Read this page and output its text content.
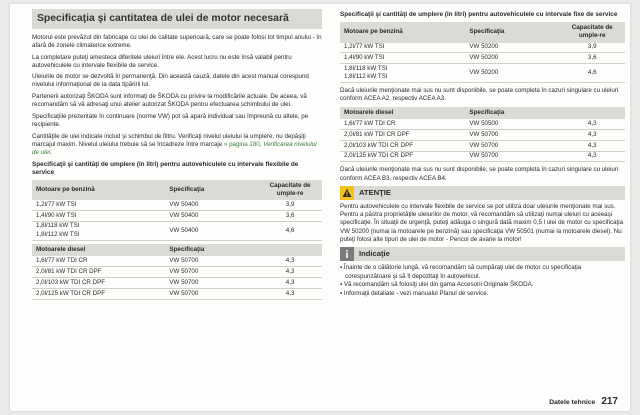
Specificaţia şi cantitatea de ulei de motor necesară

Motorul este prevăzut din fabricaţie cu ulei de calitate superioară, care se poate folosi tot timpul anului - în afară de zonele climaterice extreme.

La completare puteţi amesteca diferitele uleiuri între ele. Acest lucru nu este însă valabil pentru autovehiculele cu intervale flexibile de service.

Uleiurile de motor se dezvoltă în permanenţă. Din această cauză, datele din acest manual corespund nivelului informaţional de la data tipăririi lui.

Partenerii autorizaţi ŠKODA sunt informaţi de ŠKODA cu privire la modificările actuale. De aceea, vă recomandăm să vă adresaţi unui atelier autorizat ŠKODA pentru efectuarea schimbului de ulei.

Specificaţiile prezentate în continuare (norme VW) pot să apară individual sau împreună cu altele, pe recipiente.

Cantităţile de ulei indicate includ şi schimbul de filtru. Verificaţi nivelul uleiului la umplere, nu depăşiţi marcajul maxim. Nivelul uleiului trebuie să se încadreze între marcaje » pagina 180, Verificarea nivelului de ulei.

Specificaţii şi cantităţi de umplere (în litri) pentru autovehiculele cu intervale flexibile de service
Motoare pe benzină	Specificaţia	Capacitate de umple-re
1,2l/77 kW TSI	VW 50400	3,9
1,4l/90 kW TSI	VW 50400	3,6
1,8l/118 kW TSI
1,8l/112 kW TSI	VW 50400	4,6

Motoarele diesel	Specificaţia	
1,6l/77 kW TDI CR	VW 50700	4,3
2,0l/81 kW TDI CR DPF	VW 50700	4,3
2,0l/103 kW TDI CR DPF	VW 50700	4,3
2,0l/125 kW TDI CR DPF	VW 50700	4,3
Specificaţii şi cantităţi de umplere (în litri) pentru autovehiculele cu intervale fixe de service
Motoare pe benzină	Specificaţia	Capacitate de umple-re
1,2l/77 kW TSI	VW 50200	3,9
1,4l/90 kW TSI	VW 50200	3,6
1,8l/118 kW TSI
1,8l/112 kW TSI	VW 50200	4,6

Dacă uleiurile menţionate mai sus nu sunt disponibile, se poate completa în cazuri singulare cu uleiuri conform ACEA A2, respectiv ACEA A3.

Motoarele diesel	Specificaţia	
1,6l/77 kW TDI CR	VW 50500	4,3
2,0l/81 kW TDI CR DPF	VW 50700	4,3
2,0l/103 kW TDI CR DPF	VW 50700	4,3
2,0l/125 kW TDI CR DPF	VW 50700	4,3

Dacă uleiurile menţionate mai sus nu sunt disponibile, se poate completa în cazuri singulare cu uleiuri conform ACEA B3, respectiv ACEA B4.

ATENŢIE

Pentru autovehiculele cu intervale flexibile de service se pot utiliza doar uleiurile menţionate mai sus. Pentru a păstra proprietăţile uleiurilor de motor, vă recomandăm să utilizaţi numai uleiuri cu aceeaşi specificaţie. În situaţii de urgenţă, puteţi adăuga o singură dată maxim 0,5 l ulei de motor cu specificaţia VW 50200 (numai la motoarele pe benzină) sau specificaţia VW 50501 (numai la motoarele diesel). Nu puteţi folosi alte tipuri de ulei de motor - Pericol de avarie la motor!

Indicaţie
▪ Înainte de o călătorie lungă, vă recomandăm să cumpăraţi ulei de motor cu specificaţia corespunzătoare şi să îl depozitaţi în autovehicul.
▪ Vă recomandăm să folosiţi ulei din gama Accesorii Originale ŠKODA.
▪ Informaţii detaliate - vezi manualul Planul de service.
Datele tehnice 217
